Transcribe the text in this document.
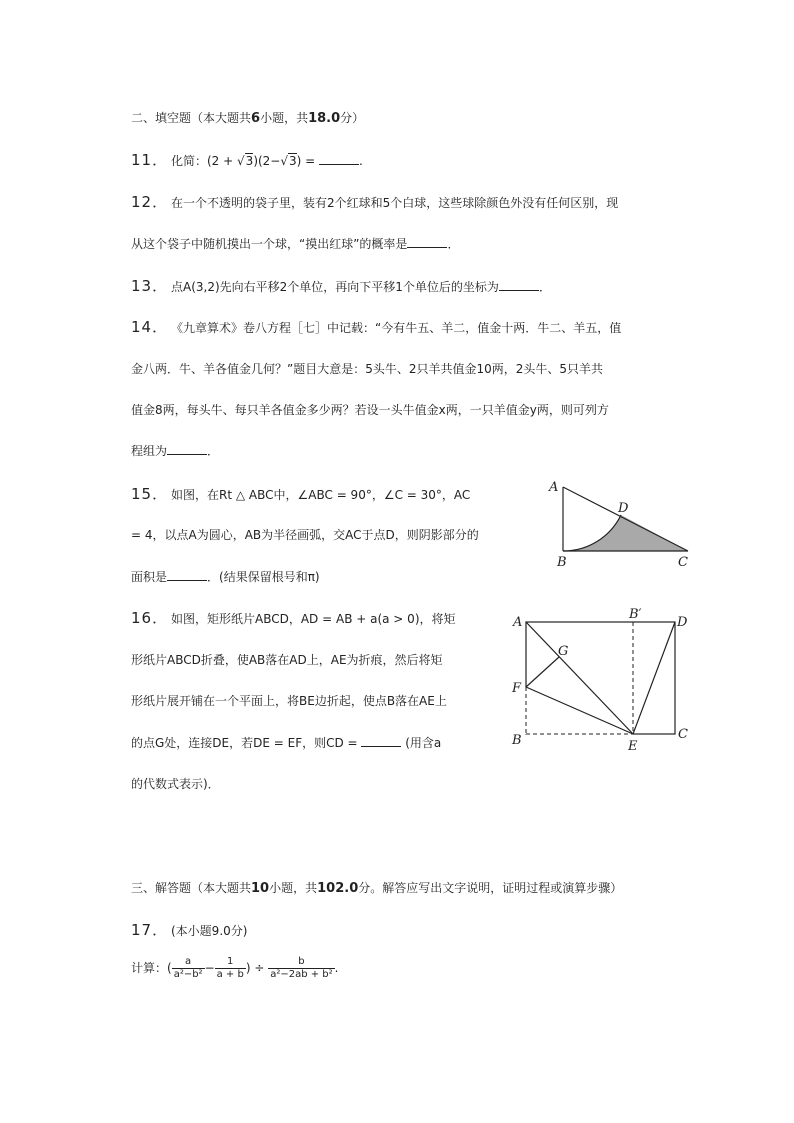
二、填空题（本大题共6小题，共18.0分）
11． 化简：(2 + √3)(2−√3) =	.
12． 在一个不透明的袋子里，装有2个红球和5个白球，这些球除颜色外没有任何区别，现
从这个袋子中随机摸出一个球，“摸出红球”的概率是	．
13． 点A(3,2)先向右平移2个单位，再向下平移1个单位后的坐标为	．
14． 《九章算术》卷八方程［七］中记载：“今有牛五、羊二，值金十两．牛二、羊五，值
金八两．牛、羊各值金几何？”题目大意是：5头牛、2只羊共值金10两，2头牛、5只羊共
值金8两，每头牛、每只羊各值金多少两？若设一头牛值金x两，一只羊值金y两，则可列方
程组为	．
15． 如图，在Rt △ ABC中，∠ABC = 90°，∠C = 30°，AC
= 4，以点A为圆心，AB为半径画弧，交AC于点D，则阴影部分的
面积是	．(结果保留根号和π)
A
D
B	C
16． 如图，矩形纸片ABCD，AD = AB + a(a > 0)，将矩
形纸片ABCD折叠，使AB落在AD上，AE为折痕，然后将矩
形纸片展开铺在一个平面上，将BE边折起，使点B落在AE上
的点G处，连接DE，若DE = EF，则CD =	(用含a
的代数式表示)．
A
B′
D
G
F
B	E
C
三、解答题（本大题共10小题，共102.0分。解答应写出文字说明，证明过程或演算步骤）
17． (本小题9.0分)
计算：( $\frac{a}{\text{a²−b²}} - \frac{1}{a + b}$ ) ÷ $\frac{b}{\text{a²−2ab + b²}}$ .
